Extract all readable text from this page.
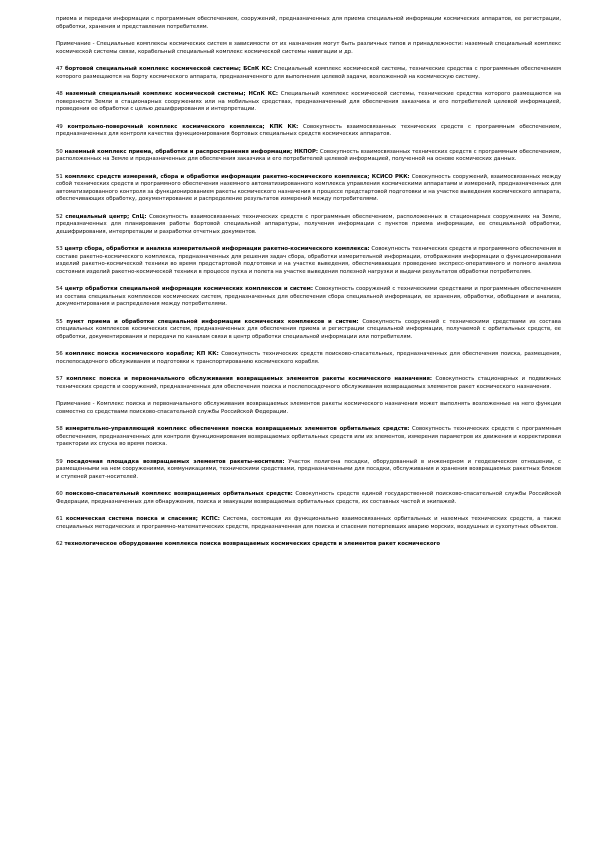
приема и передачи информации с программным обеспечением, сооружений, предназначенных для приема специальной информации космических аппаратов, ее регистрации, обработки, хранения и представления потребителям.

Примечание - Специальные комплексы космических систем в зависимости от их назначения могут быть различных типов и принадлежности: наземный специальный комплекс космической системы связи, корабельный специальный комплекс космической системы навигации и др.

47 бортовой специальный комплекс космической системы; БСпК КС: Специальный комплекс космической системы, технические средства с программным обеспечением которого размещаются на борту космического аппарата, предназначенного для выполнения целевой задачи, возложенной на космическую систему.

48 наземный специальный комплекс космической системы; НСпК КС: Специальный комплекс космической системы, технические средства которого размещаются на поверхности Земли в стационарных сооружениях или на мобильных средствах, предназначенный для обеспечения заказчика и его потребителей целевой информацией, проведения ее обработки с целью дешифрирования и интерпретации.

49 контрольно-поверочный комплекс космического комплекса; КПК КК: Совокупность взаимосвязанных технических средств с программным обеспечением, предназначенных для контроля качества функционирования бортовых специальных средств космических аппаратов.

50 наземный комплекс приема, обработки и распространения информации; НКПОР: Совокупность взаимосвязанных технических средств с программным обеспечением, расположенных на Земле и предназначенных для обеспечения заказчика и его потребителей целевой информацией, полученной на основе космических данных.

51 комплекс средств измерений, сбора и обработки информации ракетно-космического комплекса; КСИСО РКК: Совокупность сооружений, взаимосвязанных между собой технических средств и программного обеспечения наземного автоматизированного комплекса управления космическими аппаратами и измерений, предназначенных для автоматизированного контроля за функционированием ракеты космического назначения в процессе предстартовой подготовки и на участке выведения космического аппарата, обеспечивающих обработку, документирование и распределение результатов измерений между потребителями.

52 специальный центр; СпЦ: Совокупность взаимосвязанных технических средств с программным обеспечением, расположенных в стационарных сооружениях на Земле, предназначенных для планирования работы бортовой специальной аппаратуры, получения информации с пунктов приема информации, ее специальной обработки, дешифрирования, интерпретации и разработки отчетных документов.

53 центр сбора, обработки и анализа измерительной информации ракетно-космического комплекса: Совокупность технических средств и программного обеспечения в составе ракетно-космического комплекса, предназначенных для решения задач сбора, обработки измерительной информации, отображения информации о функционировании изделий ракетно-космической техники во время предстартовой подготовки и на участке выведения, обеспечивающих проведение экспресс-оперативного и полного анализа состояния изделий ракетно-космической техники в процессе пуска и полета на участке выведения полезной нагрузки и выдачи результатов обработки потребителям.

54 центр обработки специальной информации космических комплексов и систем: Совокупность сооружений с техническими средствами и программным обеспечением из состава специальных комплексов космических систем, предназначенных для обеспечения сбора специальной информации, ее хранения, обработки, обобщения и анализа, документирования и распределения между потребителями.

55 пункт приема и обработки специальной информации космических комплексов и систем: Совокупность сооружений с техническими средствами из состава специальных комплексов космических систем, предназначенных для обеспечения приема и регистрации специальной информации, получаемой с орбитальных средств, ее обработки, документирования и передачи по каналам связи в центр обработки специальной информации или потребителям.

56 комплекс поиска космического корабля; КП КК: Совокупность технических средств поисково-спасательных, предназначенных для обеспечения поиска, размещения, послепосадочного обслуживания и подготовки к транспортированию космического корабля.

57 комплекс поиска и первоначального обслуживания возвращаемых элементов ракеты космического назначения: Совокупность стационарных и подвижных технических средств и сооружений, предназначенных для обеспечения поиска и послепосадочного обслуживания возвращаемых элементов ракет космического назначения.

Примечание - Комплекс поиска и первоначального обслуживания возвращаемых элементов ракеты космического назначения может выполнять возложенные на него функции совместно со средствами поисково-спасательной службы Российской Федерации.

58 измерительно-управляющий комплекс обеспечения поиска возвращаемых элементов орбитальных средств: Совокупность технических средств с программным обеспечением, предназначенных для контроля функционирования возвращаемых орбитальных средств или их элементов, измерения параметров их движения и корректировки траектории их спуска во время поиска.

59 посадочная площадка возвращаемых элементов ракеты-носителя: Участок полигона посадки, оборудованный в инженерном и геодезическом отношении, с размещенными на нем сооружениями, коммуникациями, техническими средствами, предназначенными для посадки, обслуживания и хранения возвращаемых ракетных блоков и ступеней ракет-носителей.

60 поисково-спасательный комплекс возвращаемых орбитальных средств: Совокупность средств единой государственной поисково-спасательной службы Российской Федерации, предназначенных для обнаружения, поиска и эвакуации возвращаемых орбитальных средств, их составных частей и экипажей.

61 космическая система поиска и спасения; КСПС: Система, состоящая из функционально взаимосвязанных орбитальных и наземных технических средств, а также специальных методических и программно-математических средств, предназначенная для поиска и спасения потерпевших аварию морских, воздушных и сухопутных объектов.

62 технологическое оборудование комплекса поиска возвращаемых космических средств и элементов ракет космического
